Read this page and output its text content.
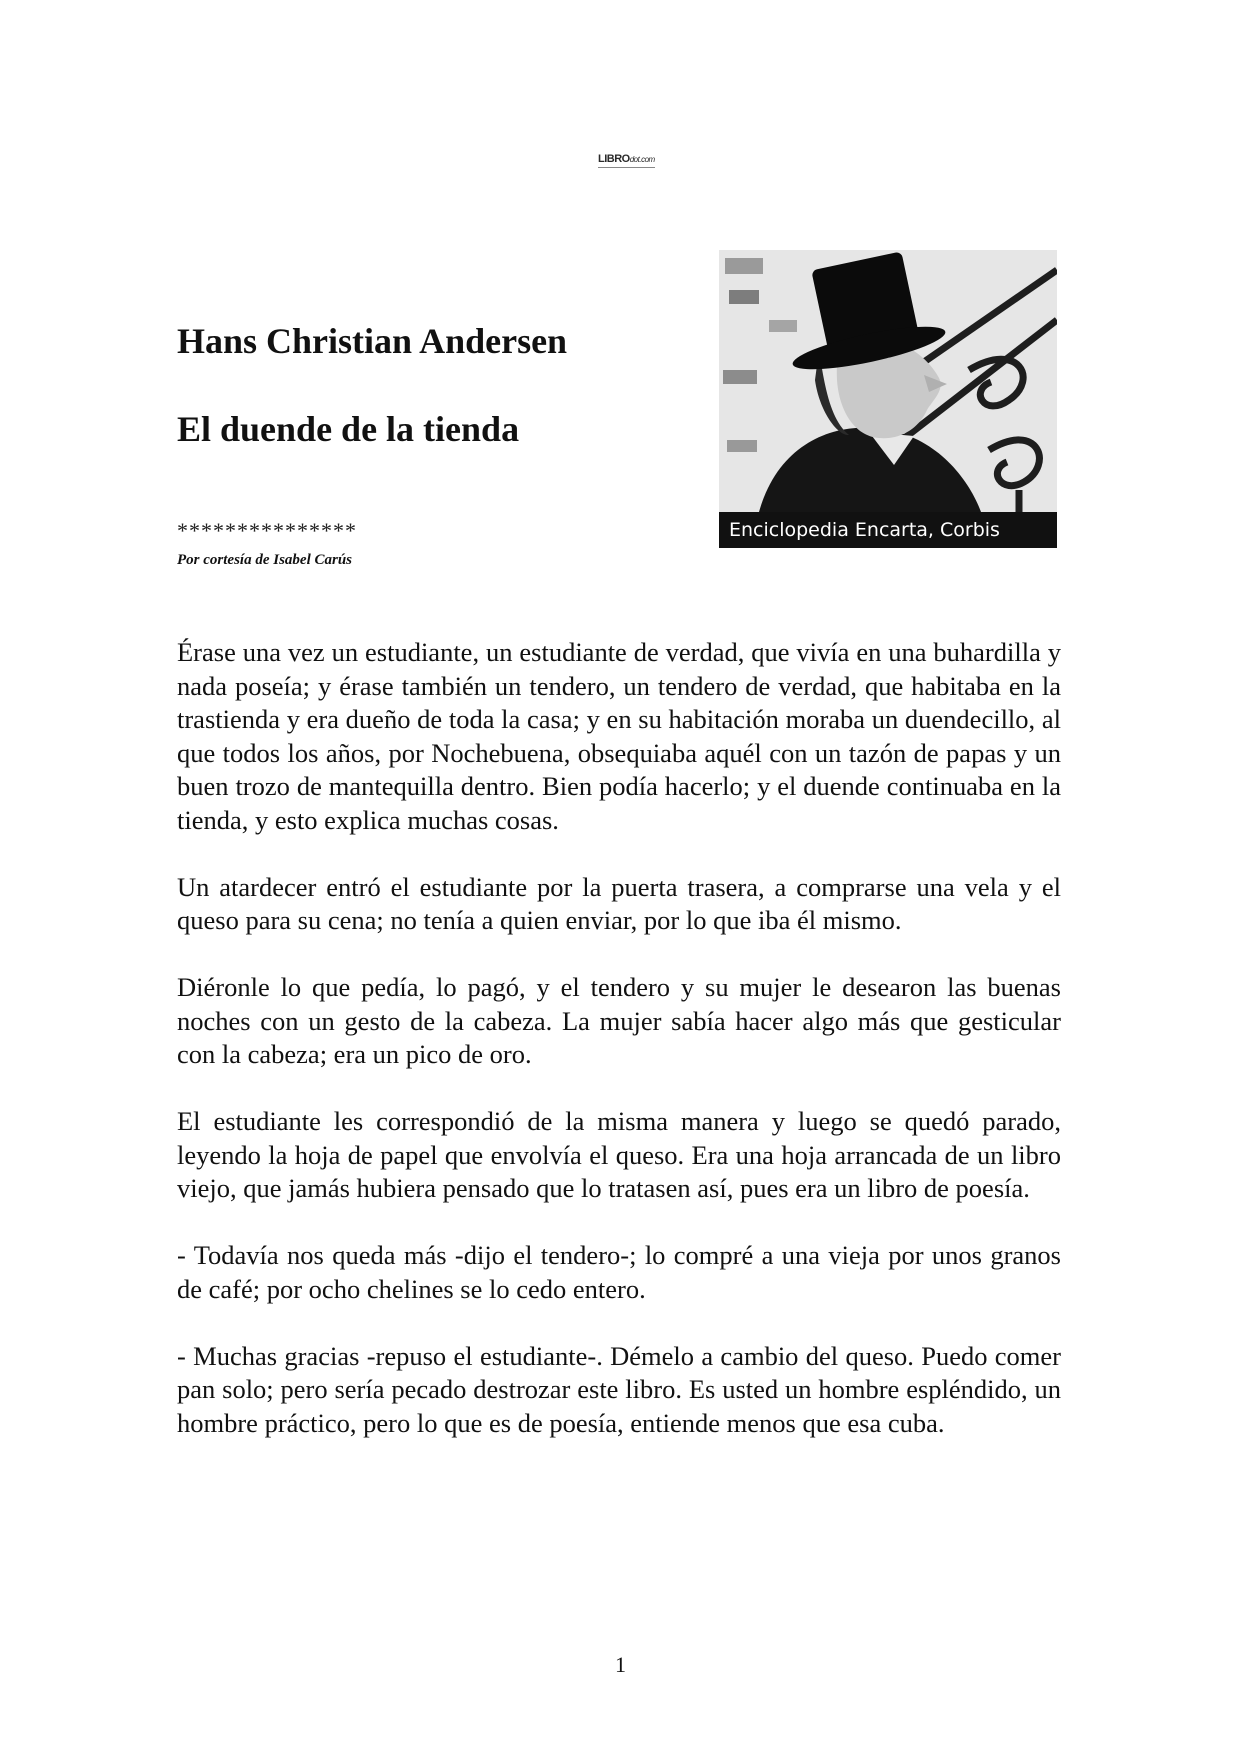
LIBROdot.com
Hans Christian Andersen
El duende de la tienda
***************
Por cortesía de Isabel Carús
Enciclopedia Encarta, Corbis

Érase una vez un estudiante, un estudiante de verdad, que vivía en una buhardilla y nada poseía; y érase también un tendero, un tendero de verdad, que habitaba en la trastienda y era dueño de toda la casa; y en su habitación moraba un duendecillo, al que todos los años, por Nochebuena, obsequiaba aquél con un tazón de papas y un buen trozo de mantequilla dentro. Bien podía hacerlo; y el duende continuaba en la tienda, y esto explica muchas cosas.

Un atardecer entró el estudiante por la puerta trasera, a comprarse una vela y el queso para su cena; no tenía a quien enviar, por lo que iba él mismo.

Diéronle lo que pedía, lo pagó, y el tendero y su mujer le desearon las buenas noches con un gesto de la cabeza. La mujer sabía hacer algo más que gesticular con la cabeza; era un pico de oro.

El estudiante les correspondió de la misma manera y luego se quedó parado, leyendo la hoja de papel que envolvía el queso. Era una hoja arrancada de un libro viejo, que jamás hubiera pensado que lo tratasen así, pues era un libro de poesía.

- Todavía nos queda más -dijo el tendero-; lo compré a una vieja por unos granos de café; por ocho chelines se lo cedo entero.

- Muchas gracias -repuso el estudiante-. Démelo a cambio del queso. Puedo comer pan solo; pero sería pecado destrozar este libro. Es usted un hombre espléndido, un hombre práctico, pero lo que es de poesía, entiende menos que esa cuba.

1
